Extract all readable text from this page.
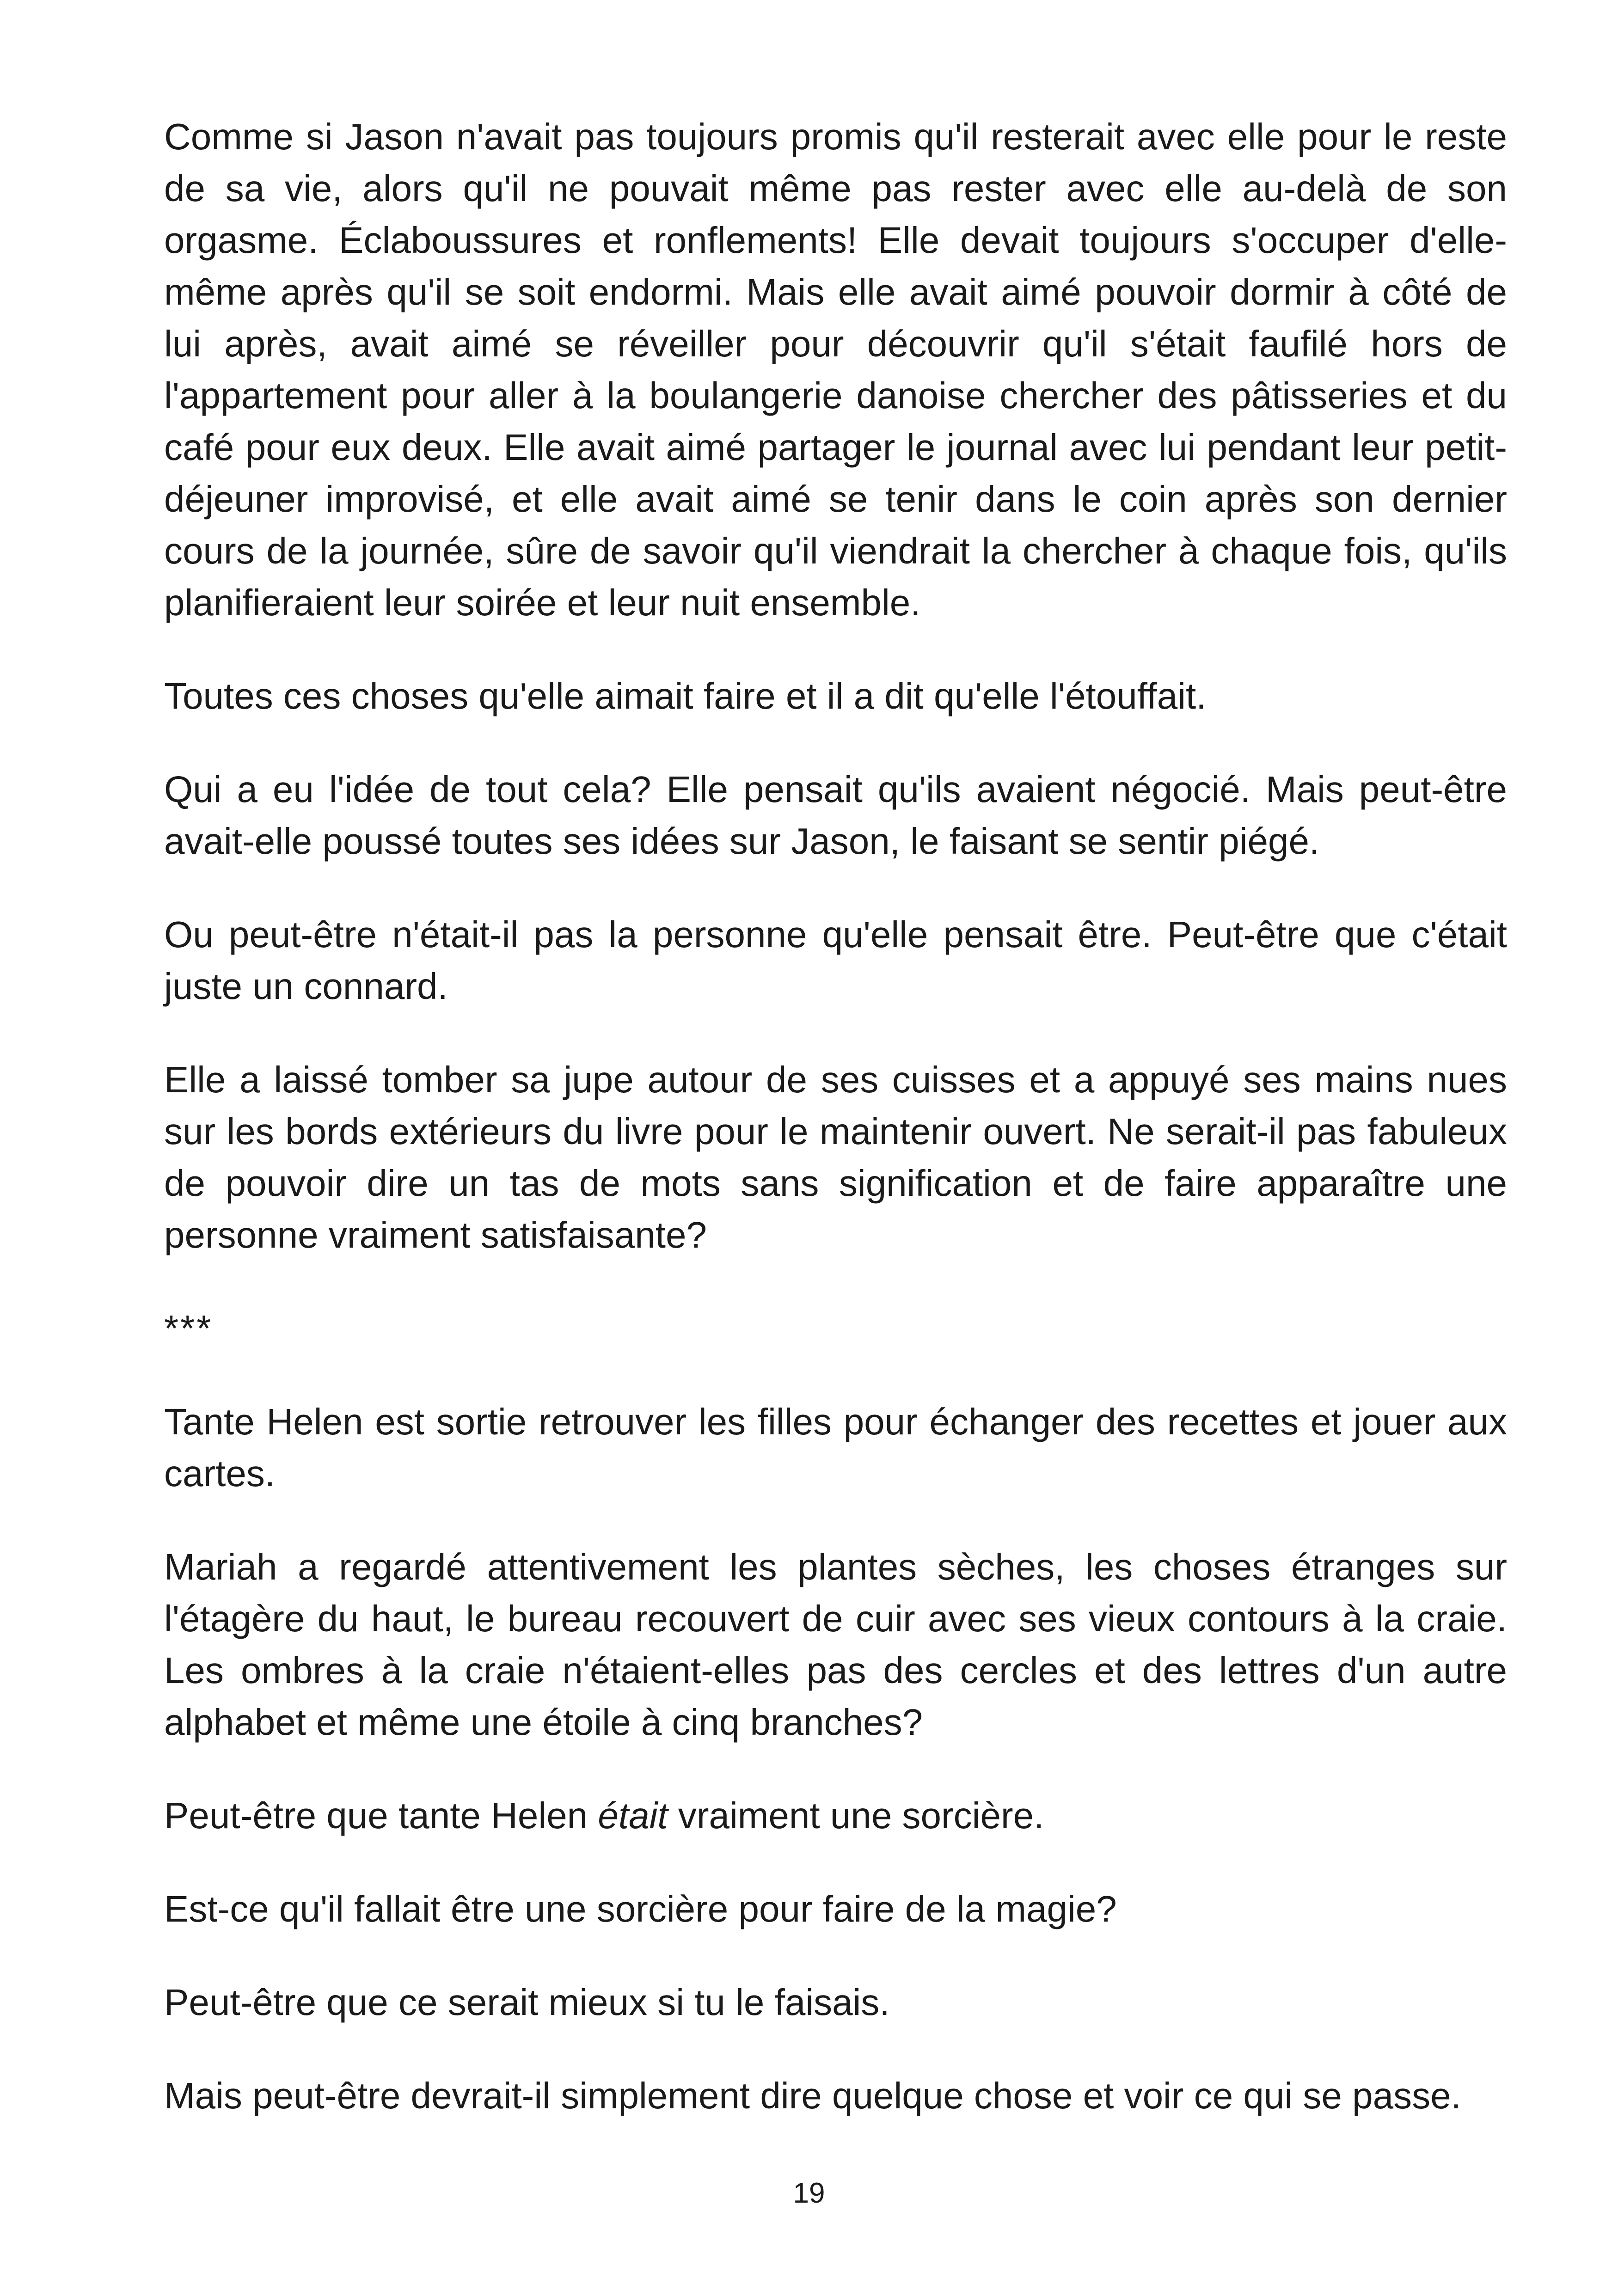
Comme si Jason n'avait pas toujours promis qu'il resterait avec elle pour le reste de sa vie, alors qu'il ne pouvait même pas rester avec elle au-delà de son orgasme. Éclaboussures et ronflements! Elle devait toujours s'occuper d'elle-même après qu'il se soit endormi. Mais elle avait aimé pouvoir dormir à côté de lui après, avait aimé se réveiller pour découvrir qu'il s'était faufilé hors de l'appartement pour aller à la boulangerie danoise chercher des pâtisseries et du café pour eux deux. Elle avait aimé partager le journal avec lui pendant leur petit-déjeuner improvisé, et elle avait aimé se tenir dans le coin après son dernier cours de la journée, sûre de savoir qu'il viendrait la chercher à chaque fois, qu'ils planifieraient leur soirée et leur nuit ensemble.

Toutes ces choses qu'elle aimait faire et il a dit qu'elle l'étouffait.

Qui a eu l'idée de tout cela? Elle pensait qu'ils avaient négocié. Mais peut-être avait-elle poussé toutes ses idées sur Jason, le faisant se sentir piégé.

Ou peut-être n'était-il pas la personne qu'elle pensait être. Peut-être que c'était juste un connard.

Elle a laissé tomber sa jupe autour de ses cuisses et a appuyé ses mains nues sur les bords extérieurs du livre pour le maintenir ouvert. Ne serait-il pas fabuleux de pouvoir dire un tas de mots sans signification et de faire apparaître une personne vraiment satisfaisante?

***

Tante Helen est sortie retrouver les filles pour échanger des recettes et jouer aux cartes.

Mariah a regardé attentivement les plantes sèches, les choses étranges sur l'étagère du haut, le bureau recouvert de cuir avec ses vieux contours à la craie. Les ombres à la craie n'étaient-elles pas des cercles et des lettres d'un autre alphabet et même une étoile à cinq branches?

Peut-être que tante Helen était vraiment une sorcière.

Est-ce qu'il fallait être une sorcière pour faire de la magie?

Peut-être que ce serait mieux si tu le faisais.

Mais peut-être devrait-il simplement dire quelque chose et voir ce qui se passe.

19
